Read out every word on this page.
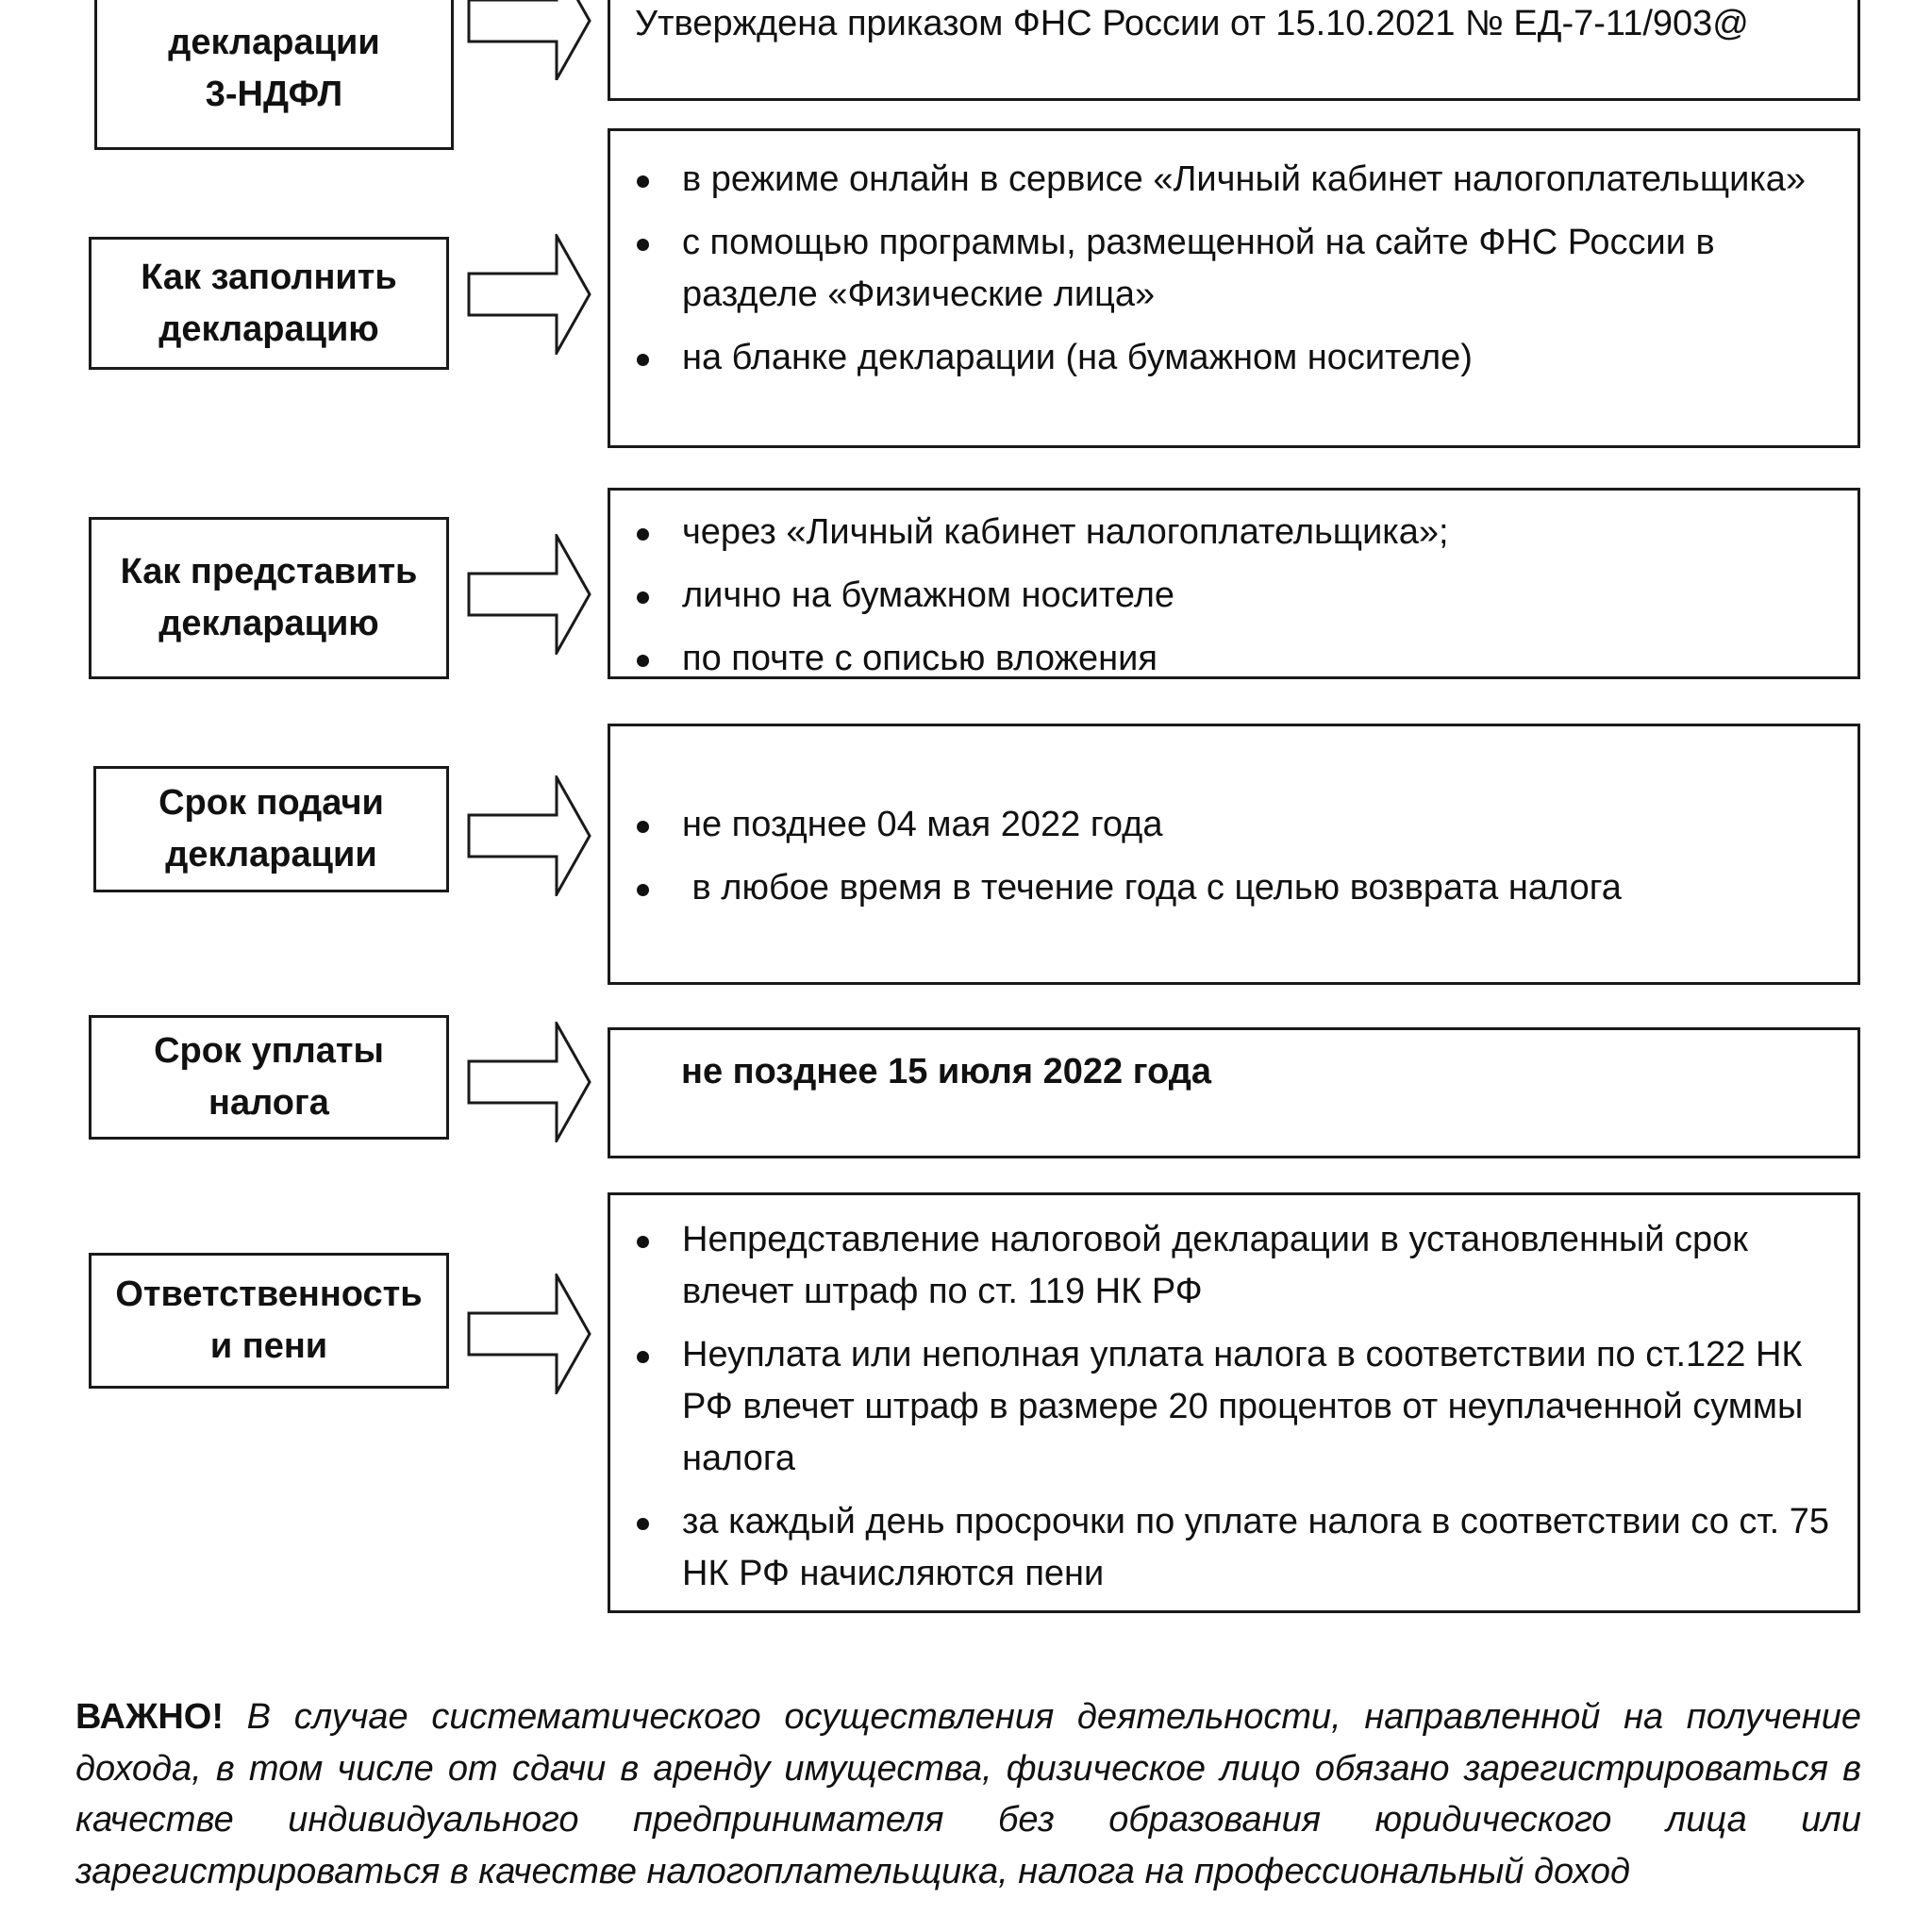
декларации
3-НДФЛ
Утверждена приказом ФНС России от 15.10.2021 № ЕД-7-11/903@
Как заполнить
декларацию
в режиме онлайн в сервисе «Личный кабинет налогоплательщика»
с помощью программы, размещенной на сайте ФНС России в разделе «Физические лица»
на бланке декларации (на бумажном носителе)
Как представить
декларацию
через «Личный кабинет налогоплательщика»;
лично на бумажном носителе
по почте с описью вложения
Срок подачи
декларации
не позднее 04 мая 2022 года
в любое время в течение года с целью возврата налога
Срок уплаты
налога
не позднее 15 июля 2022 года
Ответственность
и пени
Непредставление налоговой декларации в установленный срок влечет штраф по ст. 119 НК РФ
Неуплата или неполная уплата налога в соответствии по ст.122 НК РФ влечет штраф в размере 20 процентов от неуплаченной суммы налога
за каждый день просрочки по уплате налога в соответствии со ст. 75 НК РФ начисляются пени
ВАЖНО! В случае систематического осуществления деятельности, направленной на получение дохода, в том числе от сдачи в аренду имущества, физическое лицо обязано зарегистрироваться в качестве индивидуального предпринимателя без образования юридического лица или зарегистрироваться в качестве налогоплательщика, налога на профессиональный доход
